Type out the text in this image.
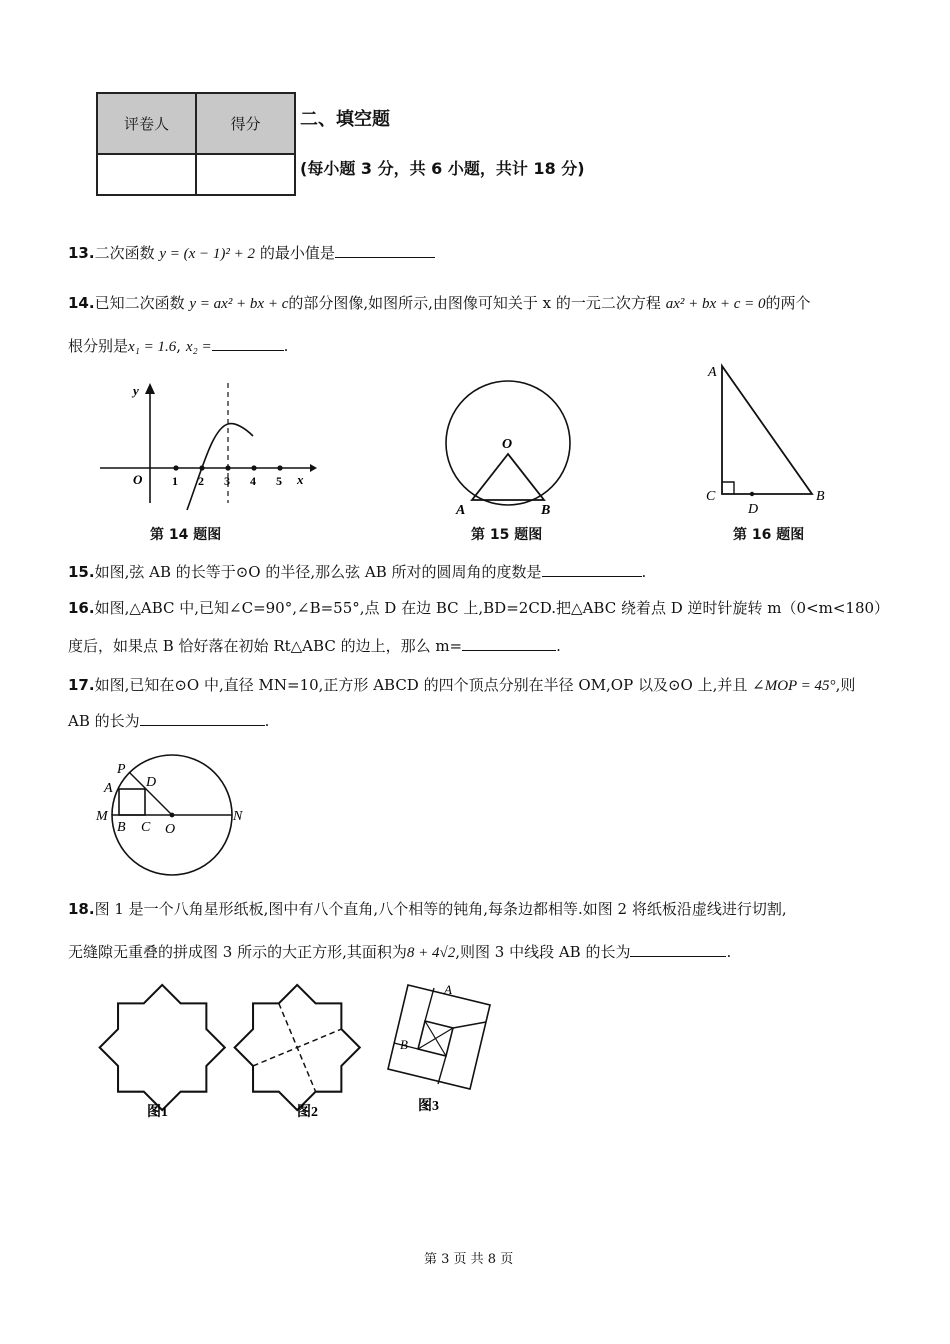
评卷人	得分
	二、填空题
(每小题 3 分，共 6 小题，共计 18 分)
13.二次函数 y = (x − 1)² + 2 的最小值是
14.已知二次函数 y = ax² + bx + c的部分图像,如图所示,由图像可知关于 x 的一元二次方程 ax² + bx + c = 0的两个
根分别是x₁ = 1.6, x₂ =	.
y
O	x
1 2 3 4 5
第 14 题图
O
A	B
第 15 题图
A
C
D
B
第 16 题图
15.如图,弦 AB 的长等于⊙O 的半径,那么弦 AB 所对的圆周角的度数是	.
16.如图,△ABC 中,已知∠C=90°,∠B=55°,点 D 在边 BC 上,BD=2CD.把△ABC 绕着点 D 逆时针旋转 m（0<m<180）
度后，如果点 B 恰好落在初始 Rt△ABC 的边上，那么 m=	.
17.如图,已知在⊙O 中,直径 MN=10,正方形 ABCD 的四个顶点分别在半径 OM,OP 以及⊙O 上,并且 ∠MOP = 45°,则
AB 的长为	.
P
A D
M
B C O
N
18.图 1 是一个八角星形纸板,图中有八个直角,八个相等的钝角,每条边都相等.如图 2 将纸板沿虚线进行切割,
无缝隙无重叠的拼成图 3 所示的大正方形,其面积为8 + 4√2,则图 3 中线段 AB 的长为	.
A
B
图1	图2	图3
第 3 页 共 8 页
